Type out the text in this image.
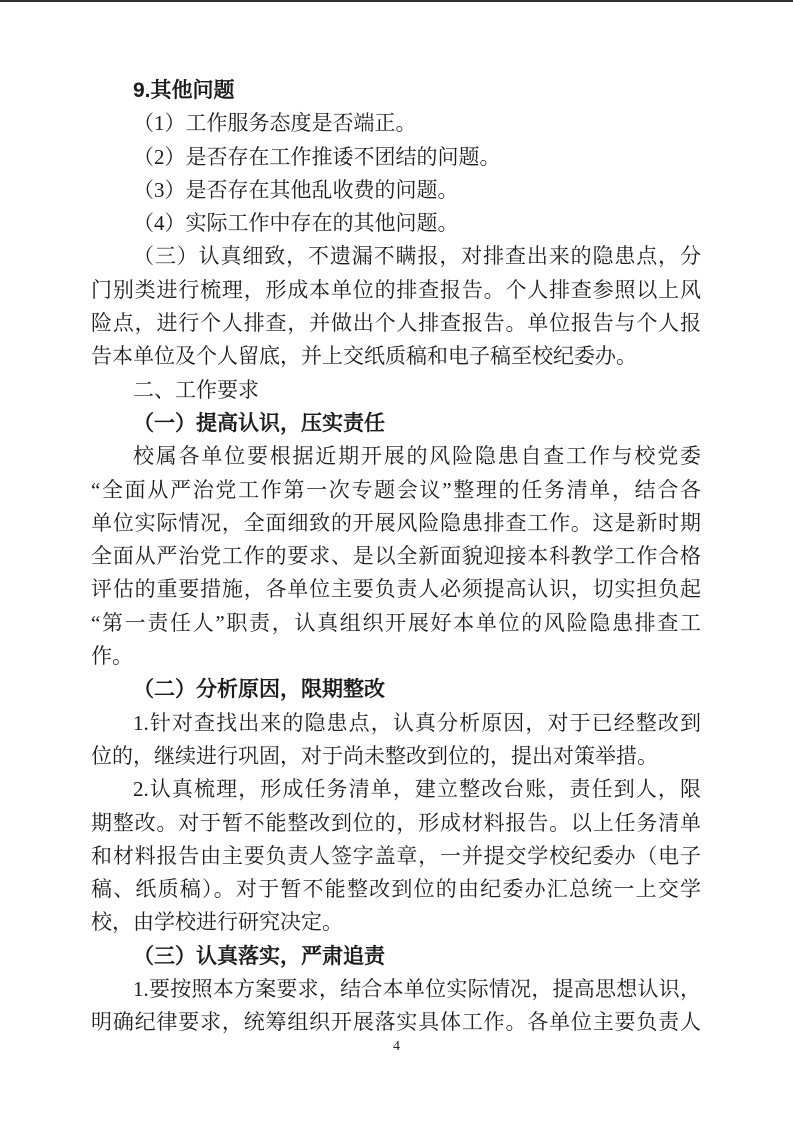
9.其他问题
（1）工作服务态度是否端正。
（2）是否存在工作推诿不团结的问题。
（3）是否存在其他乱收费的问题。
（4）实际工作中存在的其他问题。
（三）认真细致，不遗漏不瞒报，对排查出来的隐患点，分
门别类进行梳理，形成本单位的排查报告。个人排查参照以上风
险点，进行个人排查，并做出个人排查报告。单位报告与个人报
告本单位及个人留底，并上交纸质稿和电子稿至校纪委办。
二、工作要求
（一）提高认识，压实责任
校属各单位要根据近期开展的风险隐患自查工作与校党委
“全面从严治党工作第一次专题会议”整理的任务清单，结合各
单位实际情况，全面细致的开展风险隐患排查工作。这是新时期
全面从严治党工作的要求、是以全新面貌迎接本科教学工作合格
评估的重要措施，各单位主要负责人必须提高认识，切实担负起
“第一责任人”职责，认真组织开展好本单位的风险隐患排查工
作。
（二）分析原因，限期整改
1.针对查找出来的隐患点，认真分析原因，对于已经整改到
位的，继续进行巩固，对于尚未整改到位的，提出对策举措。
2.认真梳理，形成任务清单，建立整改台账，责任到人，限
期整改。对于暂不能整改到位的，形成材料报告。以上任务清单
和材料报告由主要负责人签字盖章，一并提交学校纪委办（电子
稿、纸质稿）。对于暂不能整改到位的由纪委办汇总统一上交学
校，由学校进行研究决定。
（三）认真落实，严肃追责
1.要按照本方案要求，结合本单位实际情况，提高思想认识，
明确纪律要求，统筹组织开展落实具体工作。各单位主要负责人
4
